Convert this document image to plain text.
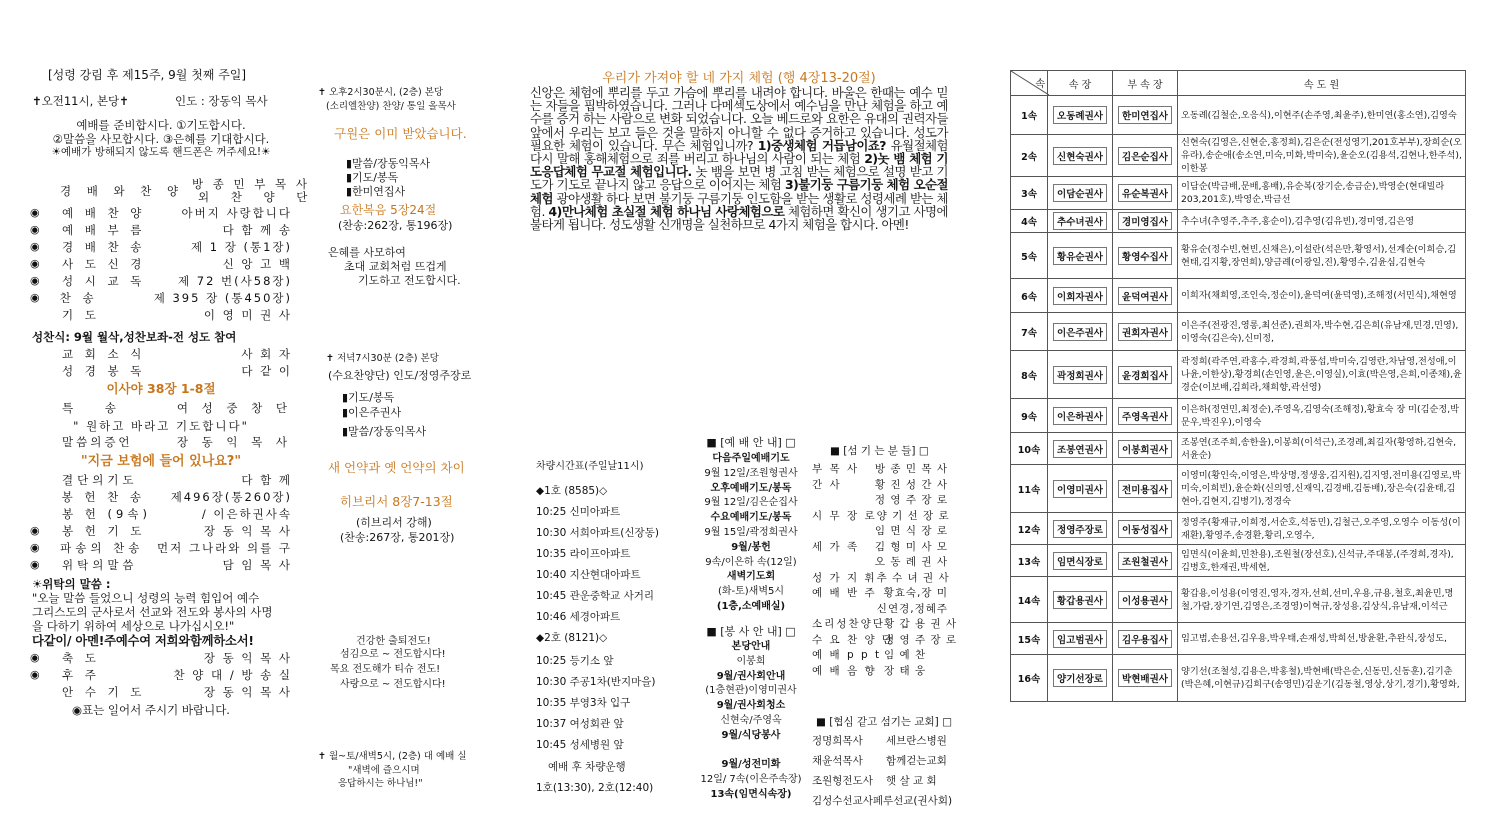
[성령 강림 후 제15주, 9월 첫째 주일]
✝오전11시, 본당✝	인도 : 장동익 목사
예배를 준비합시다. ①기도합시다.
②말씀을 사모합시다. ③은혜를 기대합시다.
☀예배가 방해되지 않도록 핸드폰은 꺼주세요!☀
방 종 민 부 목 사
경 배 와 찬 양 외 찬 양 단
◉	예 배 찬 양	아버지 사랑합니다
◉	예 배 부 름	다 함 께 송
◉	경 배 찬 송	제 1 장 (통1장)
◉	사 도 신 경	신 앙 고 백
◉	성 시 교 독	제 72 번(사58장)
◉	찬 송	제 395 장 (통450장)
기 도	이 영 미 권 사
성찬식: 9월 월삭,성찬보좌-전 성도 참여
교 회 소 식	사 회 자
성 경 봉 독	다 같 이
이사야 38장 1-8절
특 송	여 성 중 창 단
" 원하고 바라고 기도합니다"
말씀의증언	장 동 익 목 사
"지금 보험에 들어 있나요?"
결단의기도	다 함 께
봉 헌 찬 송	제496장(통260장)
봉 헌 (9속)	/ 이은하권사속
◉	봉 헌 기 도	장 동 익 목 사
◉	파송의 찬송	먼저 그나라와 의를 구
◉	위탁의말씀	담 임 목 사
☀위탁의 말씀 :
"오늘 말씀 들었으니 성령의 능력 힘입어 예수
그리스도의 군사로서 선교와 전도와 봉사의 사명
을 다하기 위하여 세상으로 나가십시오!"
다같이/ 아멘!주예수여 저희와함께하소서!
◉	축 도	장 동 익 목 사
◉	후 주	찬 양 대 / 방 송 실
안 수 기 도	장 동 익 목 사
◉표는 일어서 주시기 바랍니다.
✝ 오후2시30분시, (2층) 본당
(소리엘찬양) 찬양/ 통일 올목사
구원은 이미 받았습니다.
▮말씀/장동익목사
▮기도/봉독
▮한미연집사
요한복음 5장24절
(찬송:262장, 통196장)
은혜를 사모하여
초대 교회처럼 뜨겁게
기도하고 전도합시다.
✝ 저녁7시30분 (2층) 본당
(수요찬양단) 인도/정영주장로
▮기도/봉독
▮이은주권사
▮말씀/장동익목사
새 언약과 옛 언약의 차이
히브리서 8장7-13절
(히브리서 강해)
(찬송:267장, 통201장)
건강한 출퇴전도!
섬김으로 ~ 전도합시다!
목요 전도해가 티슈 전도!
사랑으로 ~ 전도합시다!
✝ 월~토/새벽5시, (2층) 대 예배 실
"새벽에 즐으시며
응답하시는 하나님!"
우리가 가져야 할 네 가지 체험 (행 4장13-20절)
신앙은 체험에 뿌리를 두고 가슴에 뿌리를 내려야 합니다. 바울은 한때는 예수 믿는 자들을 핍박하였습니다. 그러나 다메섹도상에서 예수님을 만난 체험을 하고 예수를 증거 하는 사람으로 변화 되었습니다. 오늘 베드로와 요한은 유대의 권력자들 앞에서 우리는 보고 들은 것을 말하지 아니할 수 없다 증거하고 있습니다. 성도가 필요한 체험이 있습니다. 무슨 체험입니까? 1)중생체험 거듭남이죠? 유월절체험 다시 말해 홍해체험으로 죄를 버리고 하나님의 사람이 되는 체험 2)놋 뱀 체험 기도응답체험 무교절 체험입니다. 놋 뱀을 보면 병 고침 받는 체험으로 설명 받고 기도가 기도로 끝나지 않고 응답으로 이어지는 체험 3)불기둥 구름기둥 체험 오순절 체험 광야생활 하다 보면 불기둥 구름기둥 인도함을 받는 생활로 성령세례 받는 체험. 4)만나체험 초실절 체험 하나님 사랑체험으로 체험하면 확신이 생기고 사명에 불타게 됩니다. 성도생활 신개명을 실천하므로 4가지 체험을 합시다. 아멘!
차량시간표(주일날11시)
◆1호 (8585)◇
10:25 신미아파트
10:30 서희아파트(신장동)
10:35 라이프아파트
10:40 지산현대아파트
10:45 관운중학교 사거리
10:46 세경아파트
◆2호 (8121)◇
10:25 등기소 앞
10:30 주공1차(반지마을)
10:35 부영3차 입구
10:37 여성회관 앞
10:45 성세병원 앞
예배 후 차량운행
1호(13:30), 2호(12:40)
■ [예 배 안 내] □
다음주일예배기도
9월 12일/조원형권사
오후예배기도/봉독
9월 12일/김은순집사
수요예배기도/봉독
9월 15일/곽정희권사
9월/봉헌
9속/이은하 속(12일)
새벽기도회
(화-토)새벽5시
(1층,소예배실)
■ [봉 사 안 내] □
본당안내
이봉희
9월/권사회안내
(1층현관)이영미권사
9월/권사회청소
신현숙/주영옥
9월/식당봉사
9월/성전미화
12일/ 7속(이은주속장)
13속(임면식속장)
■ [섬 기 는 분 들] □
부 목 사	방 종 민 목 사
간 사	황 진 성 간 사
정 영 주 장 로
시 무 장 로 양 기 선 장 로
임 면 식 장 로
세 가 족	김 형 미 사 모
오 동 례 권 사
성 가 지 휘 추 수 녀 권 사
예 배 반 주 황효숙,장 미
신연경,정혜주
소리성찬양단 황 갑 용 권 사
수 요 찬 양 단
정 영 주 장 로
예 배 p p t 임 예 찬
예 배 음 향 장 태 웅
■ [협심 같고 섬기는 교회] □
정명희목사	세브란스병원
채윤석목사	함께걷는교회
조원형전도사	햇 살 교 회
김성수선교사 페루선교(권사회)
속	속 장	부 속 장	속 도 원
1속	오동례권사	한미연집사	오동례(김철순,오응식),이현주(손주영,최윤주),한미연(홍소연),김영숙
2속	신현숙권사	김은순집사	신현숙(김영은,신현순,홍정희),김은순(전성영기,201호부부),장희순(오유라),송순애(송소연,미숙,미화,박미숙),윤순오(김용석,김현나,한주석),이한봉
3속	이담순권사	유순복권사	이담순(박금배,문배,홍배),유순복(장기순,송금순),박영순(현대빌라203,201호),박영순,박금선
4속	추수녀권사	경미영집사	추수녀(추영주,추주,홍순이),김추영(김유빈),경미영,김은영
5속	황유순권사	황영수집사	황유순(정수빈,현빈,신채은),이설란(석은만,황영서),선계순(이희승,김현태,김지황,장연희),양금례(이광일,진),황영수,김윤심,김현숙
6속	이희자권사	윤덕여권사	이희자(채희영,조인숙,정순이),윤덕여(윤덕영),조해정(서민식),채현영
7속	이은주권사	권희자권사	이은주(전광진,영롱,최선준),권희자,박수현,김은희(유남재,민경,민영),이영숙(김은숙),신미정,
8속	곽정희권사	윤경희집사	곽정희(곽주연,곽홍수,곽경희,곽풍섭,박미숙,김영란,차남영,전성애,이나윤,이한상),황경희(손인영,윤은,이영실),이효(박은영,은희,이종채),윤경순(이보배,김희라,채희향,곽선영)
9속	이은하권사	주영옥권사	이은하(정연민,최정순),주영옥,김영숙(조해정),황효숙 장 미(김순정,박문우,박진우),이영숙
10속	조봉연권사	이봉희권사	조봉연(조주희,송한을),이봉희(이석근),조경례,최길자(황영하,김현숙,서윤순)
11속	이영미권사	전미용집사	이영미(황인숙,이영은,박상명,정생웅,김지원),김지영,전미용(김영로,박미숙,이희빈),윤순화(신의영,신재익,김경배,김동배),장은숙(김윤태,김현아,김현지,김병기),정경숙
12속	정영주장로	이동성집사	정영주(황재규,이희정,서순호,석동민),김철근,오주영,오영수 이동성(이재환),황영주,송경환,황리,오영수,
13속	임면식장로	조원철권사	임면식(이윤희,민찬용),조원철(장선호),신석규,주대봉,(주경희,경자),김병호,한재권,박세현,
14속	황갑용권사	이성용권사	황갑용,이성용(이영진,영자,경자,선희,선미,우용,규용,철호,최윤민,명철,가람,장기연,김영은,조경영)이혁규,장성용,김상식,유남재,이석근
15속	임고범권사	김우용집사	임고범,손용선,김우용,박우태,손재성,박희선,방윤환,추완식,장성도,
16속	양기선장로	박현배권사	양기선(조철성,김용은,박홍철),박현배(박은순,신동민,신동훈),김기춘(박은혜,이현규)김희구(송영민)김운기(김동철,영상,상기,경기),황영화,
